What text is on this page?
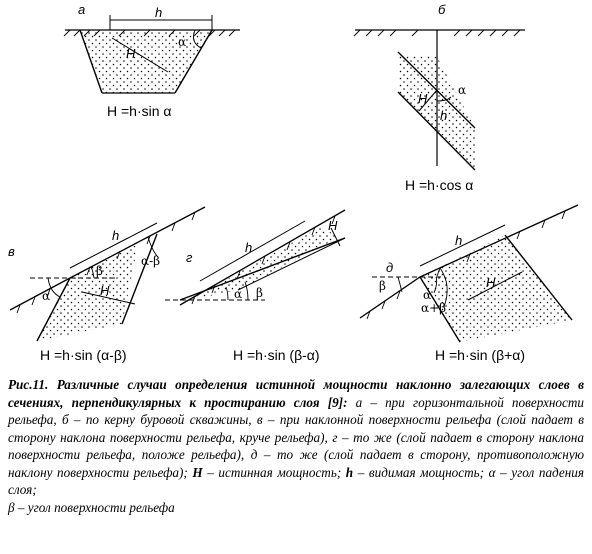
h
H
α
а
H =h·sin α
H
h
α
б
H =h·cos α
h
H
α
β
α-β
в
H =h·sin (α-β)
h
H
α β
г
H =h·sin (β-α)
h
H
α
β
α+β
д
H =h·sin (β+α)

Рис.11. Различные случаи определения истинной мощности наклонно залегающих слоев в сечениях, перпендикулярных к простиранию слоя [9]: а – при горизонтальной поверхности рельефа, б – по керну буровой скважины, в – при наклонной поверхности рельефа (слой падает в сторону наклона поверхности рельефа, круче рельефа), г – то же (слой падает в сторону наклона поверхности рельефа, положе рельефа), д – то же (слой падает в сторону, противоположную наклону поверхности рельефа); H – истинная мощность; h – видимая мощность; α – угол падения слоя;

β – угол поверхности рельефа
